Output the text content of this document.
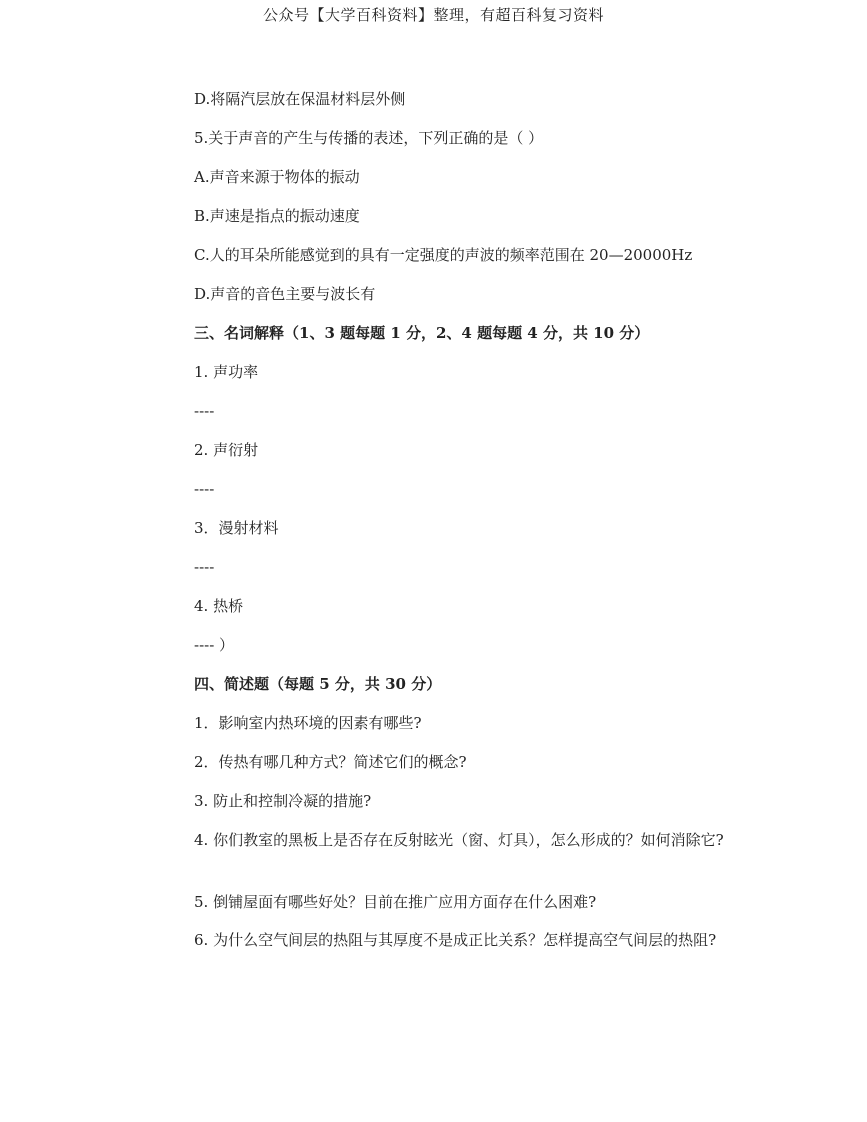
公众号【大学百科资料】整理，有超百科复习资料
D.将隔汽层放在保温材料层外侧
5.关于声音的产生与传播的表述，下列正确的是（ ）
A.声音来源于物体的振动
B.声速是指点的振动速度
C.人的耳朵所能感觉到的具有一定强度的声波的频率范围在 20—20000Hz
D.声音的音色主要与波长有
三、名词解释（1、3 题每题 1 分，2、4 题每题 4 分，共 10 分）
1. 声功率
----
2. 声衍射
----
3．漫射材料
----
4. 热桥
---- ）
四、简述题（每题 5 分，共 30 分）
1．影响室内热环境的因素有哪些?
2．传热有哪几种方式？简述它们的概念?
3. 防止和控制冷凝的措施?
4. 你们教室的黑板上是否存在反射眩光（窗、灯具），怎么形成的？如何消除它?
5. 倒铺屋面有哪些好处？目前在推广应用方面存在什么困难?
6. 为什么空气间层的热阻与其厚度不是成正比关系？怎样提高空气间层的热阻?
